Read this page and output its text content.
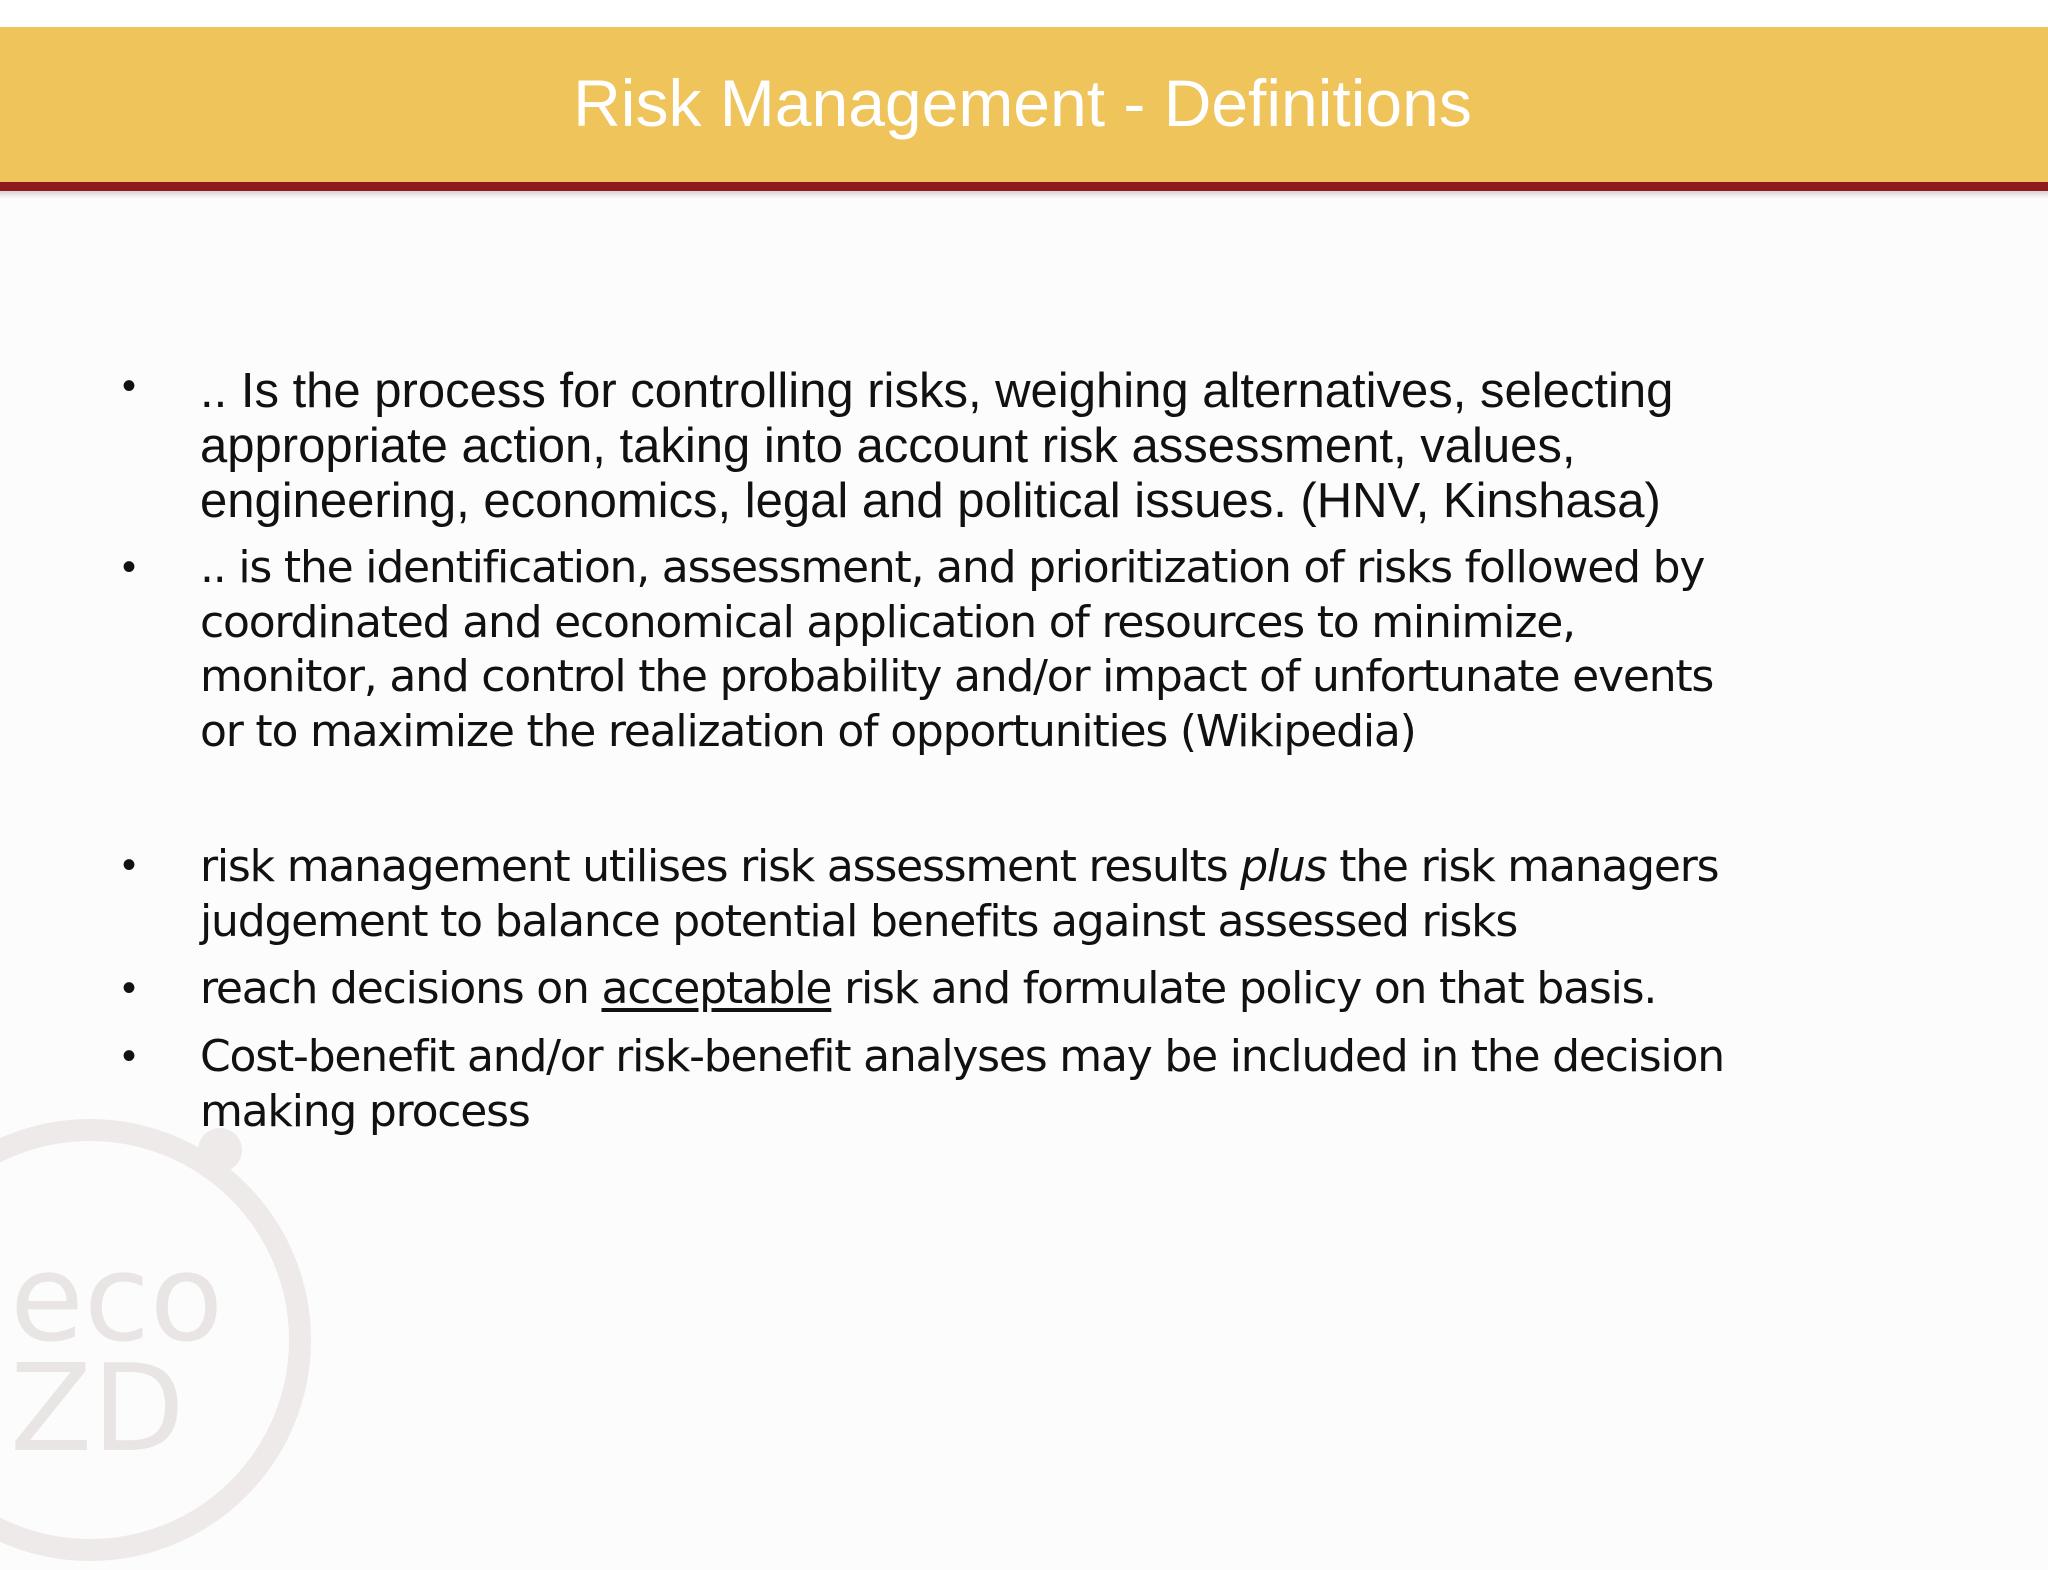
Risk Management - Definitions
eco
ZD
• .. Is the process for controlling risks, weighing alternatives, selecting
appropriate action, taking into account risk assessment, values,
engineering, economics, legal and political issues. (HNV, Kinshasa)
• .. is the identification, assessment, and prioritization of risks followed by
coordinated and economical application of resources to minimize,
monitor, and control the probability and/or impact of unfortunate events
or to maximize the realization of opportunities (Wikipedia)
• risk management utilises risk assessment results plus the risk managers
judgement to balance potential benefits against assessed risks
• reach decisions on acceptable risk and formulate policy on that basis.
• Cost-benefit and/or risk-benefit analyses may be included in the decision
making process
